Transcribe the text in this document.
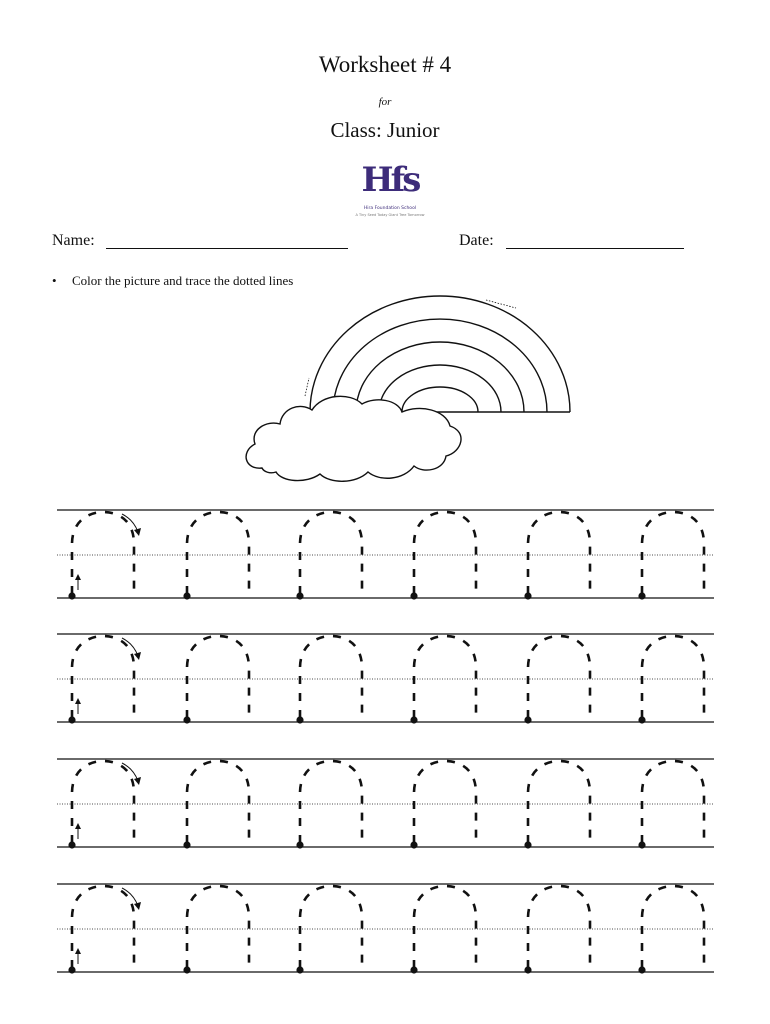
Worksheet # 4
for
Class: Junior
Hfs
Hira Foundation School
A Tiny Seed Today Giant Tree Tomorrow
Name:	Date:
• Color the picture and trace the dotted lines
